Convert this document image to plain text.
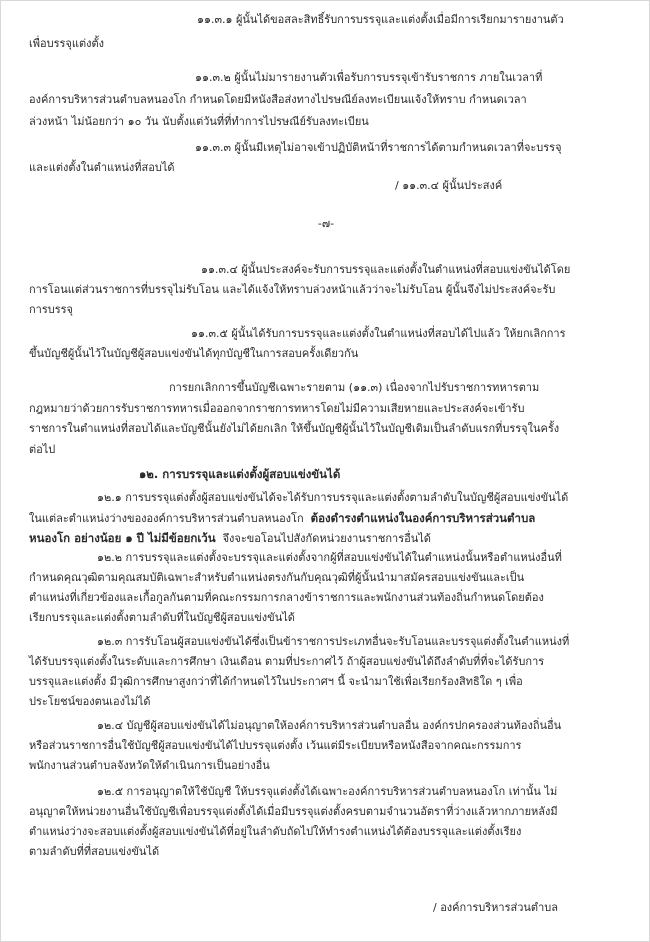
๑๑.๓.๑ ผู้นั้นได้ขอสละสิทธิ์รับการบรรจุและแต่งตั้งเมื่อมีการเรียกมารายงานตัว
เพื่อบรรจุแต่งตั้ง
๑๑.๓.๒ ผู้นั้นไม่มารายงานตัวเพื่อรับการบรรจุเข้ารับราชการ ภายในเวลาที่
องค์การบริหารส่วนตำบลหนองโก กำหนดโดยมีหนังสือส่งทางไปรษณีย์ลงทะเบียนแจ้งให้ทราบ กำหนดเวลา
ล่วงหน้า ไม่น้อยกว่า ๑๐ วัน นับตั้งแต่วันที่ที่ทำการไปรษณีย์รับลงทะเบียน
๑๑.๓.๓ ผู้นั้นมีเหตุไม่อาจเข้าปฏิบัติหน้าที่ราชการได้ตามกำหนดเวลาที่จะบรรจุ
และแต่งตั้งในตำแหน่งที่สอบได้
/ ๑๑.๓.๔ ผู้นั้นประสงค์
-๗-
๑๑.๓.๔ ผู้นั้นประสงค์จะรับการบรรจุและแต่งตั้งในตำแหน่งที่สอบแข่งขันได้โดย
การโอนแต่ส่วนราชการที่บรรจุไม่รับโอน และได้แจ้งให้ทราบล่วงหน้าแล้วว่าจะไม่รับโอน ผู้นั้นจึงไม่ประสงค์จะรับ
การบรรจุ
๑๑.๓.๕ ผู้นั้นได้รับการบรรจุและแต่งตั้งในตำแหน่งที่สอบได้ไปแล้ว ให้ยกเลิกการ
ขึ้นบัญชีผู้นั้นไว้ในบัญชีผู้สอบแข่งขันได้ทุกบัญชีในการสอบครั้งเดียวกัน
การยกเลิกการขึ้นบัญชีเฉพาะรายตาม (๑๑.๓) เนื่องจากไปรับราชการทหารตาม
กฎหมายว่าด้วยการรับราชการทหารเมื่อออกจากราชการทหารโดยไม่มีความเสียหายและประสงค์จะเข้ารับ
ราชการในตำแหน่งที่สอบได้และบัญชีนั้นยังไม่ได้ยกเลิก ให้ขึ้นบัญชีผู้นั้นไว้ในบัญชีเดิมเป็นลำดับแรกที่บรรจุในครั้ง
ต่อไป
๑๒. การบรรจุและแต่งตั้งผู้สอบแข่งขันได้
๑๒.๑ การบรรจุแต่งตั้งผู้สอบแข่งขันได้จะได้รับการบรรจุและแต่งตั้งตามลำดับในบัญชีผู้สอบแข่งขันได้
ในแต่ละตำแหน่งว่างขององค์การบริหารส่วนตำบลหนองโก ต้องดำรงตำแหน่งในองค์การบริหารส่วนตำบล
หนองโก อย่างน้อย ๑ ปี ไม่มีข้อยกเว้น จึงจะขอโอนไปสังกัดหน่วยงานราชการอื่นได้
๑๒.๒ การบรรจุและแต่งตั้งจะบรรจุและแต่งตั้งจากผู้ที่สอบแข่งขันได้ในตำแหน่งนั้นหรือตำแหน่งอื่นที่
กำหนดคุณวุฒิตามคุณสมบัติเฉพาะสำหรับตำแหน่งตรงกันกับคุณวุฒิที่ผู้นั้นนำมาสมัครสอบแข่งขันและเป็น
ตำแหน่งที่เกี่ยวข้องและเกื้อกูลกันตามที่คณะกรรมการกลางข้าราชการและพนักงานส่วนท้องถิ่นกำหนดโดยต้อง
เรียกบรรจุและแต่งตั้งตามลำดับที่ในบัญชีผู้สอบแข่งขันได้
๑๒.๓ การรับโอนผู้สอบแข่งขันได้ซึ่งเป็นข้าราชการประเภทอื่นจะรับโอนและบรรจุแต่งตั้งในตำแหน่งที่
ได้รับบรรจุแต่งตั้งในระดับและการศึกษา เงินเดือน ตามที่ประกาศไว้ ถ้าผู้สอบแข่งขันได้ถึงลำดับที่ที่จะได้รับการ
บรรจุและแต่งตั้ง มีวุฒิการศึกษาสูงกว่าที่ได้กำหนดไว้ในประกาศฯ นี้ จะนำมาใช้เพื่อเรียกร้องสิทธิใด ๆ เพื่อ
ประโยชน์ของตนเองไม่ได้
๑๒.๔ บัญชีผู้สอบแข่งขันได้ไม่อนุญาตให้องค์การบริหารส่วนตำบลอื่น องค์กรปกครองส่วนท้องถิ่นอื่น
หรือส่วนราชการอื่นใช้บัญชีผู้สอบแข่งขันได้ไปบรรจุแต่งตั้ง เว้นแต่มีระเบียบหรือหนังสือจากคณะกรรมการ
พนักงานส่วนตำบลจังหวัดให้ดำเนินการเป็นอย่างอื่น
๑๒.๕ การอนุญาตให้ใช้บัญชี ให้บรรจุแต่งตั้งได้เฉพาะองค์การบริหารส่วนตำบลหนองโก เท่านั้น ไม่
อนุญาตให้หน่วยงานอื่นใช้บัญชีเพื่อบรรจุแต่งตั้งได้เมื่อมีบรรจุแต่งตั้งครบตามจำนวนอัตราที่ว่างแล้วหากภายหลังมี
ตำแหน่งว่างจะสอบแต่งตั้งผู้สอบแข่งขันได้ที่อยู่ในลำดับถัดไปให้ทำรงตำแหน่งได้ต้องบรรจุและแต่งตั้งเรียง
ตามลำดับที่ที่สอบแข่งขันได้
/ องค์การบริหารส่วนตำบล
